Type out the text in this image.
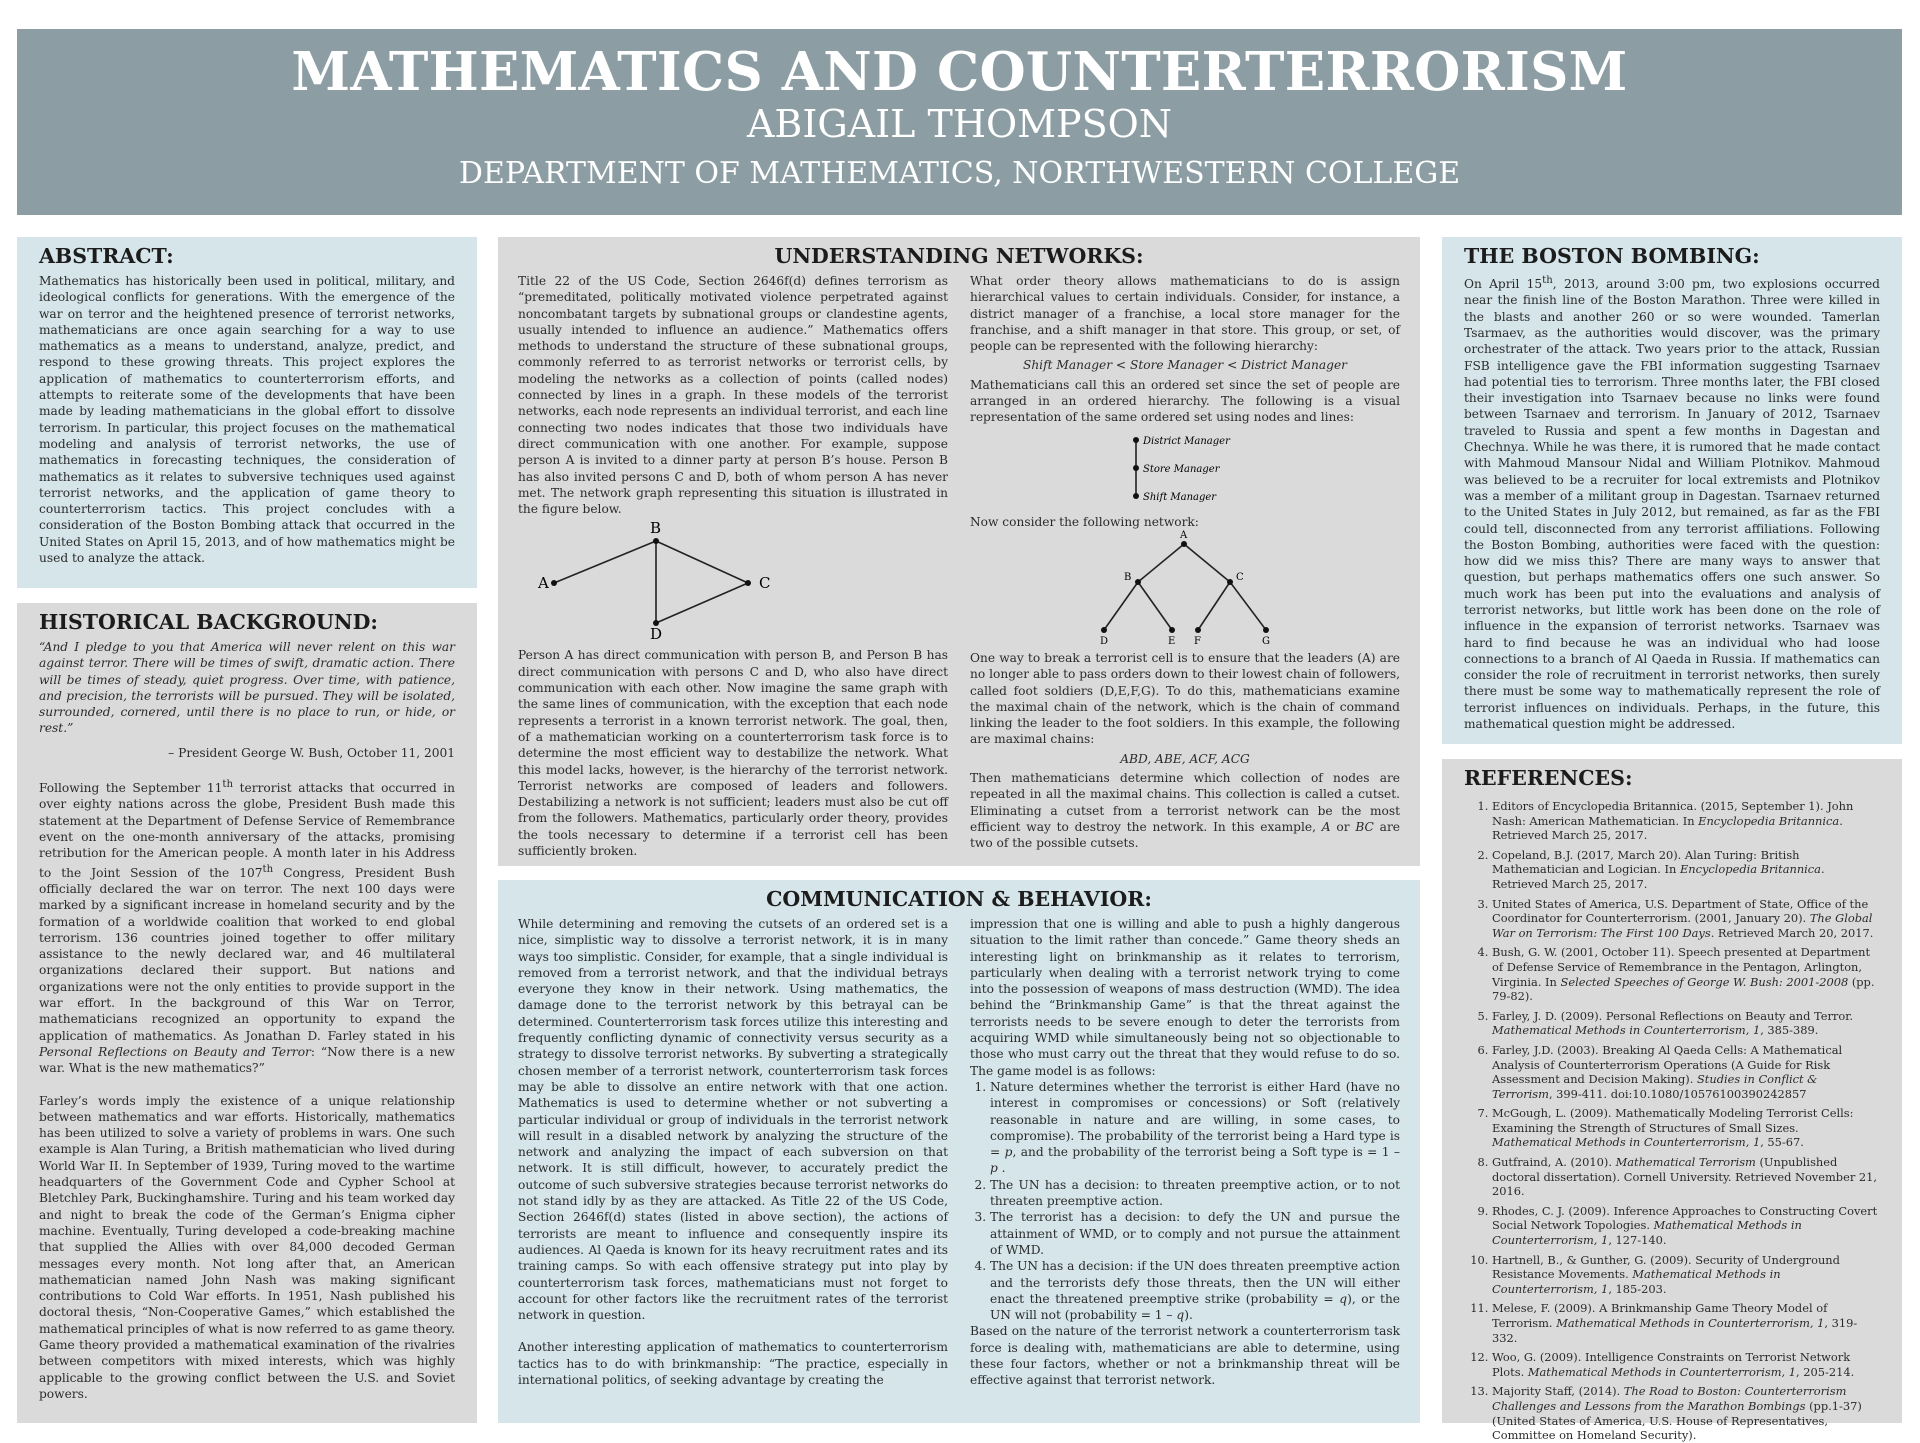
MATHEMATICS AND COUNTERTERRORISM
ABIGAIL THOMPSON
DEPARTMENT OF MATHEMATICS, NORTHWESTERN COLLEGE
ABSTRACT:

Mathematics has historically been used in political, military, and ideological conflicts for generations. With the emergence of the war on terror and the heightened presence of terrorist networks, mathematicians are once again searching for a way to use mathematics as a means to understand, analyze, predict, and respond to these growing threats. This project explores the application of mathematics to counterterrorism efforts, and attempts to reiterate some of the developments that have been made by leading mathematicians in the global effort to dissolve terrorism. In particular, this project focuses on the mathematical modeling and analysis of terrorist networks, the use of mathematics in forecasting techniques, the consideration of mathematics as it relates to subversive techniques used against terrorist networks, and the application of game theory to counterterrorism tactics. This project concludes with a consideration of the Boston Bombing attack that occurred in the United States on April 15, 2013, and of how mathematics might be used to analyze the attack.

HISTORICAL BACKGROUND:

“And I pledge to you that America will never relent on this war against terror. There will be times of swift, dramatic action. There will be times of steady, quiet progress. Over time, with patience, and precision, the terrorists will be pursued. They will be isolated, surrounded, cornered, until there is no place to run, or hide, or rest.”

– President George W. Bush, October 11, 2001

Following the September 11th terrorist attacks that occurred in over eighty nations across the globe, President Bush made this statement at the Department of Defense Service of Remembrance event on the one-month anniversary of the attacks, promising retribution for the American people. A month later in his Address to the Joint Session of the 107th Congress, President Bush officially declared the war on terror. The next 100 days were marked by a significant increase in homeland security and by the formation of a worldwide coalition that worked to end global terrorism. 136 countries joined together to offer military assistance to the newly declared war, and 46 multilateral organizations declared their support. But nations and organizations were not the only entities to provide support in the war effort. In the background of this War on Terror, mathematicians recognized an opportunity to expand the application of mathematics. As Jonathan D. Farley stated in his Personal Reflections on Beauty and Terror: “Now there is a new war. What is the new mathematics?”

Farley’s words imply the existence of a unique relationship between mathematics and war efforts. Historically, mathematics has been utilized to solve a variety of problems in wars. One such example is Alan Turing, a British mathematician who lived during World War II. In September of 1939, Turing moved to the wartime headquarters of the Government Code and Cypher School at Bletchley Park, Buckinghamshire. Turing and his team worked day and night to break the code of the German’s Enigma cipher machine. Eventually, Turing developed a code-breaking machine that supplied the Allies with over 84,000 decoded German messages every month. Not long after that, an American mathematician named John Nash was making significant contributions to Cold War efforts. In 1951, Nash published his doctoral thesis, “Non-Cooperative Games,” which established the mathematical principles of what is now referred to as game theory. Game theory provided a mathematical examination of the rivalries between competitors with mixed interests, which was highly applicable to the growing conflict between the U.S. and Soviet powers.

UNDERSTANDING NETWORKS:

Title 22 of the US Code, Section 2646f(d) defines terrorism as “premeditated, politically motivated violence perpetrated against noncombatant targets by subnational groups or clandestine agents, usually intended to influence an audience.” Mathematics offers methods to understand the structure of these subnational groups, commonly referred to as terrorist networks or terrorist cells, by modeling the networks as a collection of points (called nodes) connected by lines in a graph. In these models of the terrorist networks, each node represents an individual terrorist, and each line connecting two nodes indicates that those two individuals have direct communication with one another. For example, suppose person A is invited to a dinner party at person B’s house. Person B has also invited persons C and D, both of whom person A has never met. The network graph representing this situation is illustrated in the figure below.

A
B
C
D

Person A has direct communication with person B, and Person B has direct communication with persons C and D, who also have direct communication with each other. Now imagine the same graph with the same lines of communication, with the exception that each node represents a terrorist in a known terrorist network. The goal, then, of a mathematician working on a counterterrorism task force is to determine the most efficient way to destabilize the network. What this model lacks, however, is the hierarchy of the terrorist network. Terrorist networks are composed of leaders and followers. Destabilizing a network is not sufficient; leaders must also be cut off from the followers. Mathematics, particularly order theory, provides the tools necessary to determine if a terrorist cell has been sufficiently broken.

What order theory allows mathematicians to do is assign hierarchical values to certain individuals. Consider, for instance, a district manager of a franchise, a local store manager for the franchise, and a shift manager in that store. This group, or set, of people can be represented with the following hierarchy:

Shift Manager < Store Manager < District Manager

Mathematicians call this an ordered set since the set of people are arranged in an ordered hierarchy. The following is a visual representation of the same ordered set using nodes and lines:

District Manager
Store Manager
Shift Manager

Now consider the following network:

A
B	C
D	E F	G

One way to break a terrorist cell is to ensure that the leaders (A) are no longer able to pass orders down to their lowest chain of followers, called foot soldiers (D,E,F,G). To do this, mathematicians examine the maximal chain of the network, which is the chain of command linking the leader to the foot soldiers. In this example, the following are maximal chains:

ABD, ABE, ACF, ACG

Then mathematicians determine which collection of nodes are repeated in all the maximal chains. This collection is called a cutset. Eliminating a cutset from a terrorist network can be the most efficient way to destroy the network. In this example, A or BC are two of the possible cutsets.

COMMUNICATION & BEHAVIOR:

While determining and removing the cutsets of an ordered set is a nice, simplistic way to dissolve a terrorist network, it is in many ways too simplistic. Consider, for example, that a single individual is removed from a terrorist network, and that the individual betrays everyone they know in their network. Using mathematics, the damage done to the terrorist network by this betrayal can be determined. Counterterrorism task forces utilize this interesting and frequently conflicting dynamic of connectivity versus security as a strategy to dissolve terrorist networks. By subverting a strategically chosen member of a terrorist network, counterterrorism task forces may be able to dissolve an entire network with that one action. Mathematics is used to determine whether or not subverting a particular individual or group of individuals in the terrorist network will result in a disabled network by analyzing the structure of the network and analyzing the impact of each subversion on that network. It is still difficult, however, to accurately predict the outcome of such subversive strategies because terrorist networks do not stand idly by as they are attacked. As Title 22 of the US Code, Section 2646f(d) states (listed in above section), the actions of terrorists are meant to influence and consequently inspire its audiences. Al Qaeda is known for its heavy recruitment rates and its training camps. So with each offensive strategy put into play by counterterrorism task forces, mathematicians must not forget to account for other factors like the recruitment rates of the terrorist network in question.

Another interesting application of mathematics to counterterrorism tactics has to do with brinkmanship: “The practice, especially in international politics, of seeking advantage by creating the

impression that one is willing and able to push a highly dangerous situation to the limit rather than concede.” Game theory sheds an interesting light on brinkmanship as it relates to terrorism, particularly when dealing with a terrorist network trying to come into the possession of weapons of mass destruction (WMD). The idea behind the “Brinkmanship Game” is that the threat against the terrorists needs to be severe enough to deter the terrorists from acquiring WMD while simultaneously being not so objectionable to those who must carry out the threat that they would refuse to do so. The game model is as follows:

1. Nature determines whether the terrorist is either Hard (have no interest in compromises or concessions) or Soft (relatively reasonable in nature and are willing, in some cases, to compromise). The probability of the terrorist being a Hard type is = p, and the probability of the terrorist being a Soft type is = 1 – p .
2. The UN has a decision: to threaten preemptive action, or to not threaten preemptive action.
3. The terrorist has a decision: to defy the UN and pursue the attainment of WMD, or to comply and not pursue the attainment of WMD.
4. The UN has a decision: if the UN does threaten preemptive action and the terrorists defy those threats, then the UN will either enact the threatened preemptive strike (probability = q), or the UN will not (probability = 1 – q).

Based on the nature of the terrorist network a counterterrorism task force is dealing with, mathematicians are able to determine, using these four factors, whether or not a brinkmanship threat will be effective against that terrorist network.

THE BOSTON BOMBING:

On April 15th, 2013, around 3:00 pm, two explosions occurred near the finish line of the Boston Marathon. Three were killed in the blasts and another 260 or so were wounded. Tamerlan Tsarmaev, as the authorities would discover, was the primary orchestrater of the attack. Two years prior to the attack, Russian FSB intelligence gave the FBI information suggesting Tsarnaev had potential ties to terrorism. Three months later, the FBI closed their investigation into Tsarnaev because no links were found between Tsarnaev and terrorism. In January of 2012, Tsarnaev traveled to Russia and spent a few months in Dagestan and Chechnya. While he was there, it is rumored that he made contact with Mahmoud Mansour Nidal and William Plotnikov. Mahmoud was believed to be a recruiter for local extremists and Plotnikov was a member of a militant group in Dagestan. Tsarnaev returned to the United States in July 2012, but remained, as far as the FBI could tell, disconnected from any terrorist affiliations. Following the Boston Bombing, authorities were faced with the question: how did we miss this? There are many ways to answer that question, but perhaps mathematics offers one such answer. So much work has been put into the evaluations and analysis of terrorist networks, but little work has been done on the role of influence in the expansion of terrorist networks. Tsarnaev was hard to find because he was an individual who had loose connections to a branch of Al Qaeda in Russia. If mathematics can consider the role of recruitment in terrorist networks, then surely there must be some way to mathematically represent the role of terrorist influences on individuals. Perhaps, in the future, this mathematical question might be addressed.

REFERENCES:
1. Editors of Encyclopedia Britannica. (2015, September 1). John Nash: American Mathematician. In Encyclopedia Britannica. Retrieved March 25, 2017.
2. Copeland, B.J. (2017, March 20). Alan Turing: British Mathematician and Logician. In Encyclopedia Britannica. Retrieved March 25, 2017.
3. United States of America, U.S. Department of State, Office of the Coordinator for Counterterrorism. (2001, January 20). The Global War on Terrorism: The First 100 Days. Retrieved March 20, 2017.
4. Bush, G. W. (2001, October 11). Speech presented at Department of Defense Service of Remembrance in the Pentagon, Arlington, Virginia. In Selected Speeches of George W. Bush: 2001-2008 (pp. 79-82).
5. Farley, J. D. (2009). Personal Reflections on Beauty and Terror. Mathematical Methods in Counterterrorism, 1, 385-389.
6. Farley, J.D. (2003). Breaking Al Qaeda Cells: A Mathematical Analysis of Counterterrorism Operations (A Guide for Risk Assessment and Decision Making). Studies in Conflict & Terrorism, 399-411. doi:10.1080/10576100390242857
7. McGough, L. (2009). Mathematically Modeling Terrorist Cells: Examining the Strength of Structures of Small Sizes. Mathematical Methods in Counterterrorism, 1, 55-67.
8. Gutfraind, A. (2010). Mathematical Terrorism (Unpublished doctoral dissertation). Cornell University. Retrieved November 21, 2016.
9. Rhodes, C. J. (2009). Inference Approaches to Constructing Covert Social Network Topologies. Mathematical Methods in Counterterrorism, 1, 127-140.
10. Hartnell, B., & Gunther, G. (2009). Security of Underground Resistance Movements. Mathematical Methods in Counterterrorism, 1, 185-203.
11. Melese, F. (2009). A Brinkmanship Game Theory Model of Terrorism. Mathematical Methods in Counterterrorism, 1, 319-332.
12. Woo, G. (2009). Intelligence Constraints on Terrorist Network Plots. Mathematical Methods in Counterterrorism, 1, 205-214.
13. Majority Staff, (2014). The Road to Boston: Counterterrorism Challenges and Lessons from the Marathon Bombings (pp.1-37) (United States of America, U.S. House of Representatives, Committee on Homeland Security).
